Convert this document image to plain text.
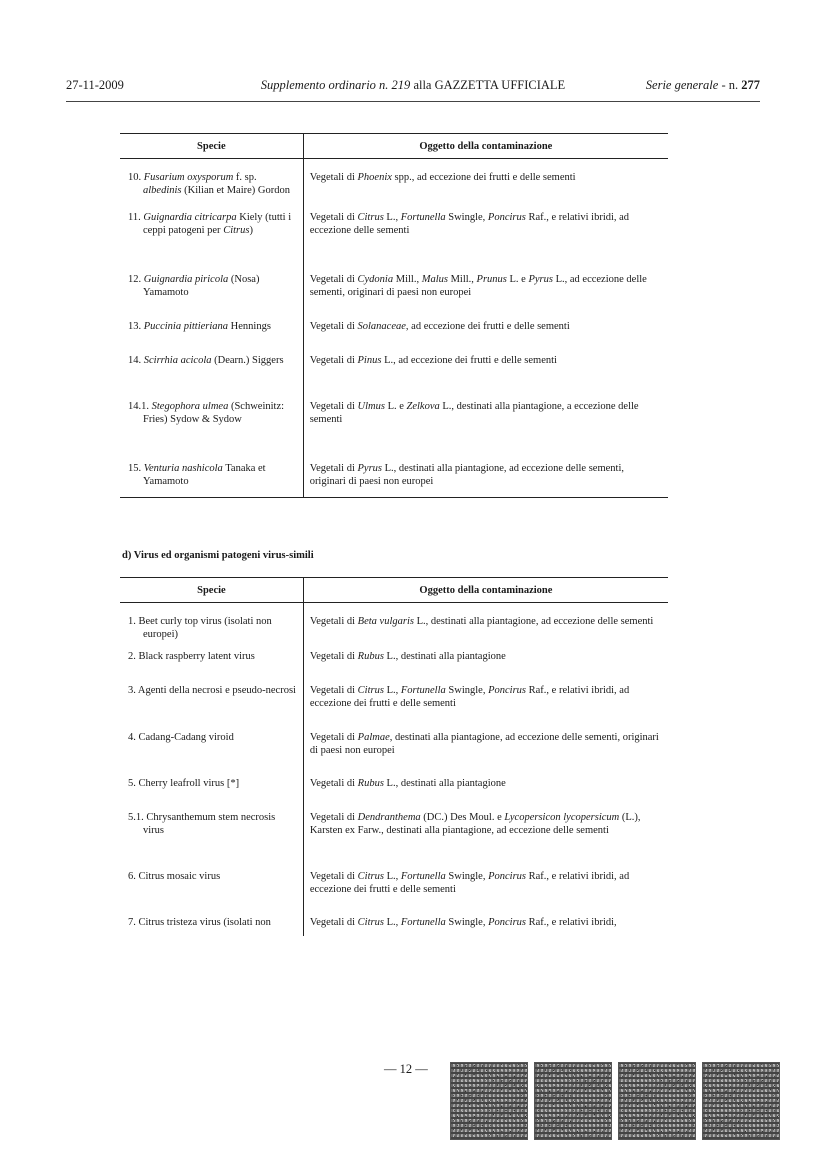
27-11-2009	Supplemento ordinario n. 219 alla GAZZETTA UFFICIALE	Serie generale - n. 277
Specie	Oggetto della contaminazione

10. Fusarium oxysporum f. sp. albedinis (Kilian et Maire) Gordon	Vegetali di Phoenix spp., ad eccezione dei frutti e delle sementi

11. Guignardia citricarpa Kiely (tutti i ceppi patogeni per Citrus)	Vegetali di Citrus L., Fortunella Swingle, Poncirus Raf., e relativi ibridi, ad eccezione delle sementi

12. Guignardia piricola (Nosa) Yamamoto	Vegetali di Cydonia Mill., Malus Mill., Prunus L. e Pyrus L., ad eccezione delle sementi, originari di paesi non europei

13. Puccinia pittieriana Hennings	Vegetali di Solanaceae, ad eccezione dei frutti e delle sementi

14. Scirrhia acicola (Dearn.) Siggers	Vegetali di Pinus L., ad eccezione dei frutti e delle sementi

14.1. Stegophora ulmea (Schweinitz: Fries) Sydow & Sydow	Vegetali di Ulmus L. e Zelkova L., destinati alla piantagione, a eccezione delle sementi

15. Venturia nashicola Tanaka et Yamamoto	Vegetali di Pyrus L., destinati alla piantagione, ad eccezione delle sementi, originari di paesi non europei
d) Virus ed organismi patogeni virus-simili
Specie	Oggetto della contaminazione

1. Beet curly top virus (isolati non europei)	Vegetali di Beta vulgaris L., destinati alla piantagione, ad eccezione delle sementi

2. Black raspberry latent virus	Vegetali di Rubus L., destinati alla piantagione

3. Agenti della necrosi e pseudo-necrosi	Vegetali di Citrus L., Fortunella Swingle, Poncirus Raf., e relativi ibridi, ad eccezione dei frutti e delle sementi

4. Cadang-Cadang viroid	Vegetali di Palmae, destinati alla piantagione, ad eccezione delle sementi, originari di paesi non europei

5. Cherry leafroll virus [*]	Vegetali di Rubus L., destinati alla piantagione

5.1. Chrysanthemum stem necrosis virus	Vegetali di Dendranthema (DC.) Des Moul. e Lycopersicon lycopersicum (L.), Karsten ex Farw., destinati alla piantagione, ad eccezione delle sementi

6. Citrus mosaic virus	Vegetali di Citrus L., Fortunella Swingle, Poncirus Raf., e relativi ibridi, ad eccezione dei frutti e delle sementi

7. Citrus tristeza virus (isolati non	Vegetali di Citrus L., Fortunella Swingle, Poncirus Raf., e relativi ibridi,
— 12 —
